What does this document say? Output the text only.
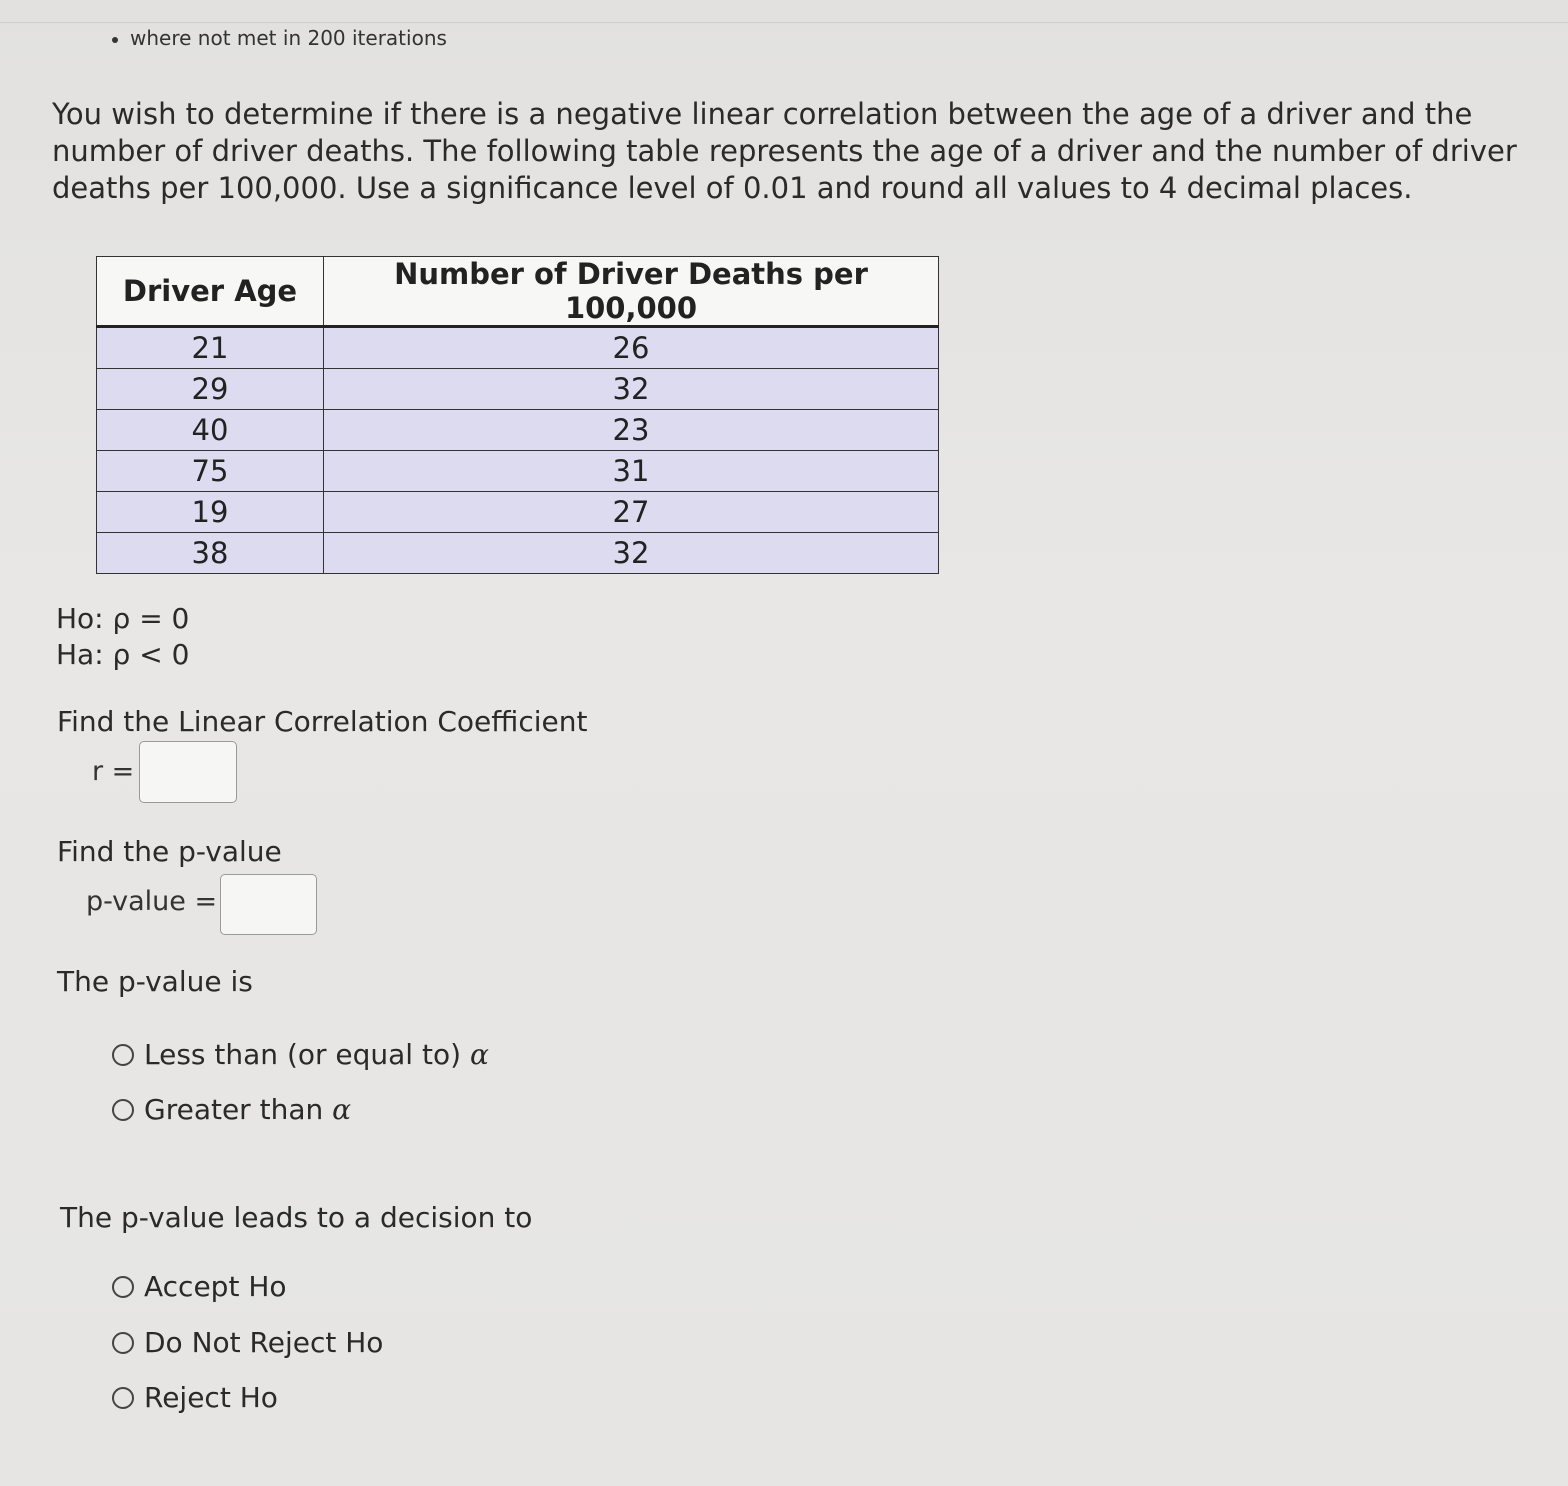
where not met in 200 iterations
You wish to determine if there is a negative linear correlation between the age of a driver and the number of driver deaths. The following table represents the age of a driver and the number of driver deaths per 100,000. Use a significance level of 0.01 and round all values to 4 decimal places.
Driver Age	Number of Driver Deaths per 100,000
21	26
29	32
40	23
75	31
19	27
38	32
Ho: ρ = 0
Ha: ρ < 0
Find the Linear Correlation Coefficient
r =
Find the p-value
p-value =
The p-value is
Less than (or equal to)
α
Greater than
α
The p-value leads to a decision to
Accept Ho
Do Not Reject Ho
Reject Ho
